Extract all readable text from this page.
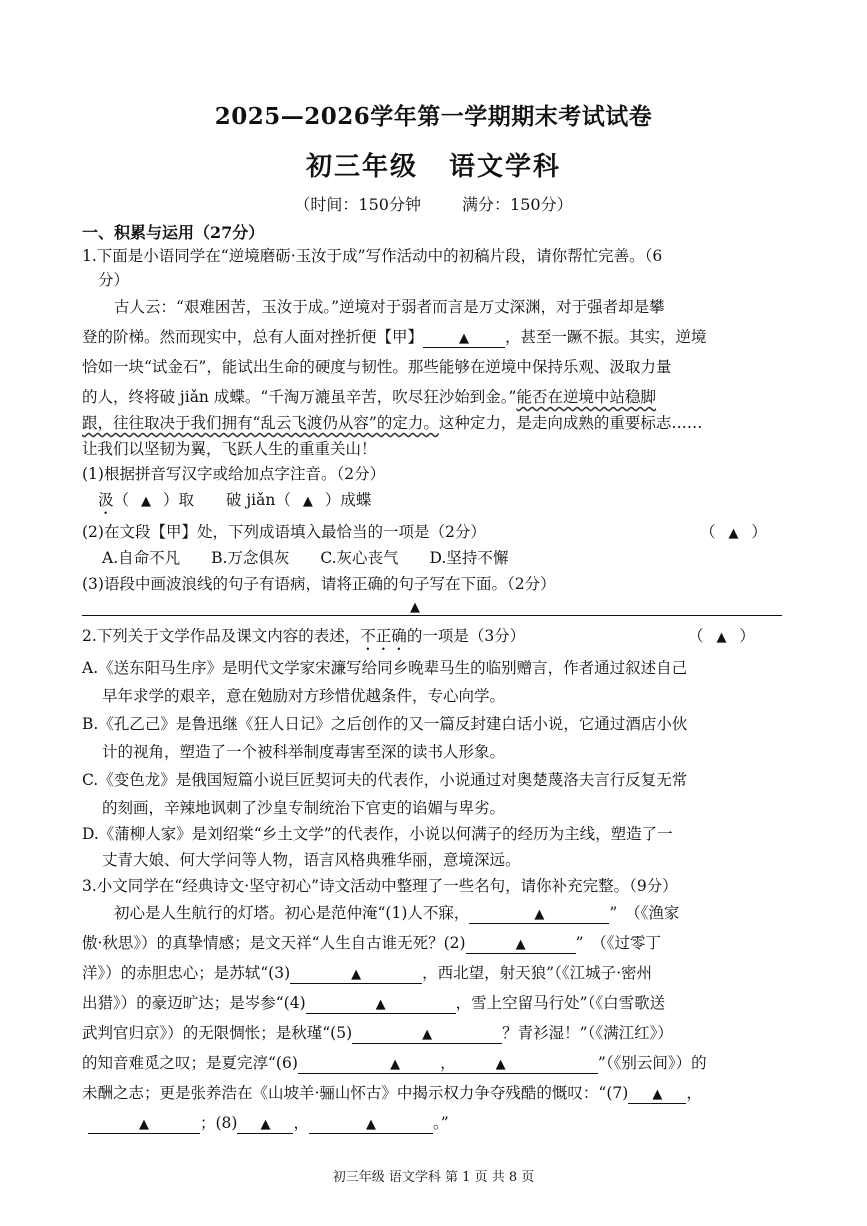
2025—2026学年第一学期期末考试试卷
初三年级 语文学科
（时间：150分钟	满分：150分）
一、积累与运用（27分）
1.下面是小语同学在“逆境磨砺·玉汝于成”写作活动中的初稿片段，请你帮忙完善。（6
分）
古人云：“艰难困苦，玉汝于成。”逆境对于弱者而言是万丈深渊，对于强者却是攀
登的阶梯。然而现实中，总有人面对挫折便【甲】	▲ ，甚至一蹶不振。其实，逆境
恰如一块“试金石”，能试出生命的硬度与韧性。那些能够在逆境中保持乐观、汲取力量
的人，终将破 jiǎn 成蝶。“千淘万漉虽辛苦，吹尽狂沙始到金。”能否在逆境中站稳脚
跟，往往取决于我们拥有“乱云飞渡仍从容”的定力。这种定力，是走向成熟的重要标志……
让我们以坚韧为翼，飞跃人生的重重关山！
(1)根据拼音写汉字或给加点字注音。（2分）
汲（ ▲ ）取 破 jiǎn（ ▲ ）成蝶
(2)在文段【甲】处，下列成语填入最恰当的一项是（2分）	（ ▲ ）
A.自命不凡 B.万念俱灰 C.灰心丧气 D.坚持不懈
(3)语段中画波浪线的句子有语病，请将正确的句子写在下面。（2分）
▲
2.下列关于文学作品及课文内容的表述，不正确的一项是（3分）	（ ▲ ）
A.《送东阳马生序》是明代文学家宋濂写给同乡晚辈马生的临别赠言，作者通过叙述自己
早年求学的艰辛，意在勉励对方珍惜优越条件，专心向学。
B.《孔乙己》是鲁迅继《狂人日记》之后创作的又一篇反封建白话小说，它通过酒店小伙
计的视角，塑造了一个被科举制度毒害至深的读书人形象。
C.《变色龙》是俄国短篇小说巨匠契诃夫的代表作，小说通过对奥楚蔑洛夫言行反复无常
的刻画，辛辣地讽刺了沙皇专制统治下官吏的谄媚与卑劣。
D.《蒲柳人家》是刘绍棠“乡土文学”的代表作，小说以何满子的经历为主线，塑造了一
丈青大娘、何大学问等人物，语言风格典雅华丽，意境深远。
3.小文同学在“经典诗文·坚守初心”诗文活动中整理了一些名句，请你补充完整。（9分）
初心是人生航行的灯塔。初心是范仲淹“(1)人不寐，	▲	”　（《渔家
傲·秋思》）的真挚情感；是文天祥“人生自古谁无死？(2)	▲	”　（《过零丁
洋》）的赤胆忠心；是苏轼“(3)	▲	，西北望，射天狼”（《江城子·密州
出猎》）的豪迈旷达；是岑参“(4)	▲	，雪上空留马行处”（《白雪歌送
武判官归京》）的无限惆怅；是秋瑾“(5)	▲	？青衫湿！”（《满江红》）
的知音难觅之叹；是夏完淳“(6)	▲	，	▲	”（《别云间》）的
未酬之志；更是张养浩在《山坡羊·骊山怀古》中揭示权力争夺残酷的慨叹：“(7) ▲ ，
▲	；(8) ▲ ，	▲	。”
初三年级 语文学科 第 1 页 共 8 页
